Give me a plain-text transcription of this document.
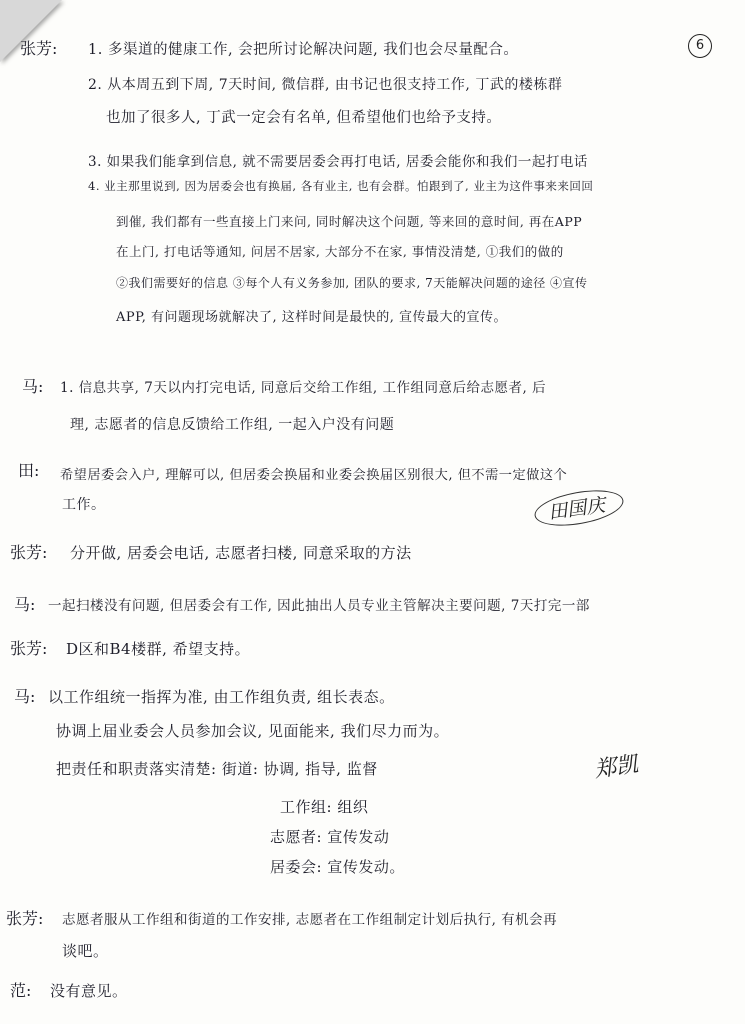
6
张芳: 1. 多渠道的健康工作, 会把所讨论解决问题, 我们也会尽量配合。
2. 从本周五到下周, 7天时间, 微信群, 由书记也很支持工作, 丁武的楼栋群
也加了很多人, 丁武一定会有名单, 但希望他们也给予支持。
3. 如果我们能拿到信息, 就不需要居委会再打电话, 居委会能你和我们一起打电话
4. 业主那里说到, 因为居委会也有换届, 各有业主, 也有会群。怕跟到了, 业主为这件事来来回回
到催, 我们都有一些直接上门来问, 同时解决这个问题, 等来回的意时间, 再在APP
在上门, 打电话等通知, 问居不居家, 大部分不在家, 事情没清楚, ①我们的做的
②我们需要好的信息 ③每个人有义务参加, 团队的要求, 7天能解决问题的途径 ④宣传
APP, 有问题现场就解决了, 这样时间是最快的, 宣传最大的宣传。
马: 1. 信息共享, 7天以内打完电话, 同意后交给工作组, 工作组同意后给志愿者, 后
理, 志愿者的信息反馈给工作组, 一起入户没有问题
田: 希望居委会入户, 理解可以, 但居委会换届和业委会换届区别很大, 但不需一定做这个
工作。	田国庆
张芳: 分开做, 居委会电话, 志愿者扫楼, 同意采取的方法
马: 一起扫楼没有问题, 但居委会有工作, 因此抽出人员专业主管解决主要问题, 7天打完一部
张芳: D区和B4楼群, 希望支持。
马: 以工作组统一指挥为准, 由工作组负责, 组长表态。
协调上届业委会人员参加会议, 见面能来, 我们尽力而为。
把责任和职责落实清楚: 街道: 协调, 指导, 监督
工作组: 组织
志愿者: 宣传发动
居委会: 宣传发动。
郑凯
张芳: 志愿者服从工作组和街道的工作安排, 志愿者在工作组制定计划后执行, 有机会再
谈吧。
范: 没有意见。
